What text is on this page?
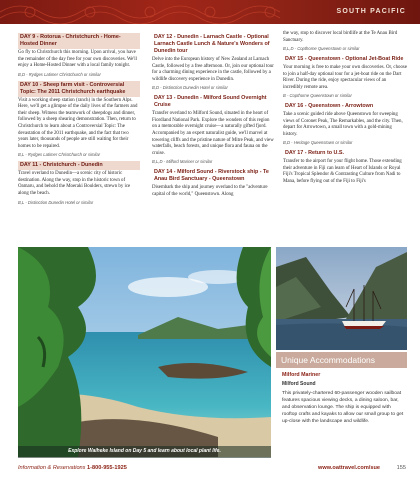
SOUTH PACIFIC
DAY 9 - Rotorua - Christchurch - Home-Hosted Dinner
Go fly to Christchurch this morning. Upon arrival, you have the remainder of the day free for your own discoveries. We'll enjoy a Home-Hosted Dinner with a local family tonight.
B,D - Rydges Latimer Christchurch or similar
DAY 10 - Sheep farm visit - Controversial Topic: The 2011 Christchurch earthquake
Visit a working sheep station (ranch) in the Southern Alps. Here, we'll get a glimpse of the daily lives of the farmers and their sheep. Witness the teamwork of sheepdogs and dinner, followed by a sheep shearing demonstration. Then, return to Christchurch to learn about a Controversial Topic: The devastation of the 2011 earthquake, and the fact that two years later, thousands of people are still waiting for their homes to be repaired.
B,L - Rydges Latimer Christchurch or similar
DAY 11 - Christchurch - Dunedin
Travel overland to Dunedin—a scenic city of historic destination. Along the way, stop in the historic town of Oamaru, and behold the Moeraki Boulders, strewn by ice along the beach.
B,L - Distinction Dunedin Hotel or similar
DAY 12 - Dunedin - Larnach Castle - Optional Larnach Castle Lunch & Nature's Wonders of Dunedin tour
Delve into the European history of New Zealand at Larnach Castle, followed by a free afternoon. Or, join our optional tour for a charming dining experience in the castle, followed by a wildlife discovery experience in Dunedin.
B,D - Distinction Dunedin Hotel or similar
DAY 13 - Dunedin - Milford Sound Overnight Cruise
Transfer overland to Milford Sound, situated in the heart of Fiordland National Park. Explore the wonders of this region on a memorable overnight cruise—a naturally gifted fjord. Accompanied by an expert naturalist guide, we'll marvel at towering cliffs and the pristine nature of Mitre Peak, and view waterfalls, beach forests, and unique flora and fauna on the cruise.
B,L,D - Milford Mariner or similar
DAY 14 - Milford Sound - Riverstock ship - Te Anau Bird Sanctuary - Queenstown
Disembark the ship and journey overland to the "adventure capital of the world," Queenstown. Along
the way, stop to discover local birdlife at the Te Anau Bird Sanctuary.
B,L,D - Copthorne Queenstown or similar
DAY 15 - Queenstown - Optional Jet-Boat Ride
Your morning is free to make your own discoveries. Or, choose to join a half-day optional tour for a jet-boat ride on the Dart River. During the ride, enjoy spectacular views of an incredibly remote area.
B - Copthorne Queenstown or similar
DAY 16 - Queenstown - Arrowtown
Take a scenic guided ride above Queenstown for sweeping views of Coronet Peak, The Remarkables, and the city. Then, depart for Arrowtown, a small town with a gold-mining history.
B,D - Heritage Queenstown or similar
DAY 17 - Return to U.S.
Transfer to the airport for your flight home. Those extending their adventure in Fiji can learn of Heart of Islands or Royal Fiji's Tropical Splendor & Contrasting Culture from Nadi to Mana, before flying out of the Fiji to Fiji's
Explore Waiheke Island on Day 5 and learn about local plant life.
Unique Accommodations
Milford Mariner
Milford Sound
This privately-chartered 60-passenger wooden sailboat features spacious viewing decks, a dining saloon, bar, and observation lounge. The ship is equipped with rooftop crafts and kayaks to allow our small group to get up-close with the landscape and wildlife.
Information & Reservations 1-800-955-1925	www.oattravel.com/sue	155
